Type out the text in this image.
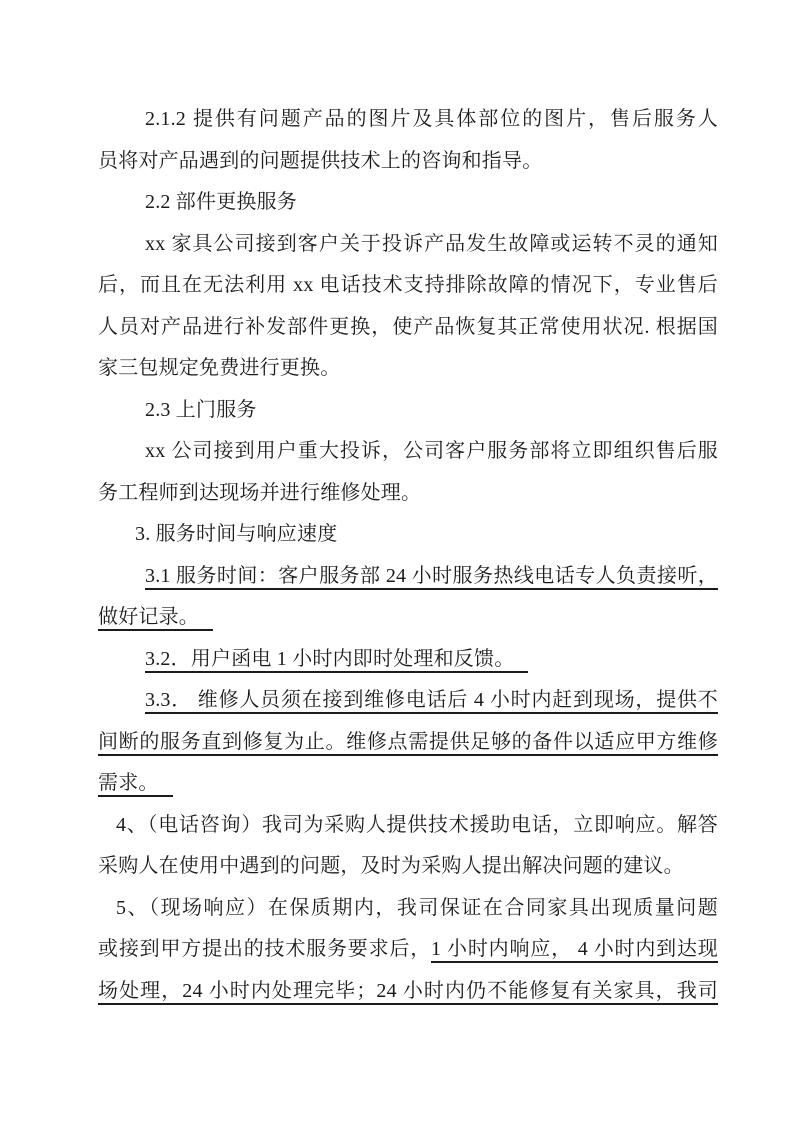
2.1.2 提供有问题产品的图片及具体部位的图片，售后服务人
员将对产品遇到的问题提供技术上的咨询和指导。
2.2 部件更换服务
xx 家具公司接到客户关于投诉产品发生故障或运转不灵的通知
后，而且在无法利用 xx 电话技术支持排除故障的情况下，专业售后
人员对产品进行补发部件更换，使产品恢复其正常使用状况. 根据国
家三包规定免费进行更换。
2.3 上门服务
xx 公司接到用户重大投诉，公司客户服务部将立即组织售后服
务工程师到达现场并进行维修处理。
3. 服务时间与响应速度
3.1 服务时间：客户服务部 24 小时服务热线电话专人负责接听，
做好记录。
3.2．用户函电 1 小时内即时处理和反馈。
3.3． 维修人员须在接到维修电话后 4 小时内赶到现场，提供不
间断的服务直到修复为止。维修点需提供足够的备件以适应甲方维修
需求。
4、（电话咨询）我司为采购人提供技术援助电话，立即响应。解答
采购人在使用中遇到的问题，及时为采购人提出解决问题的建议。
5、（现场响应）在保质期内，我司保证在合同家具出现质量问题
或接到甲方提出的技术服务要求后，1 小时内响应， 4 小时内到达现
场处理，24 小时内处理完毕；24 小时内仍不能修复有关家具，我司
